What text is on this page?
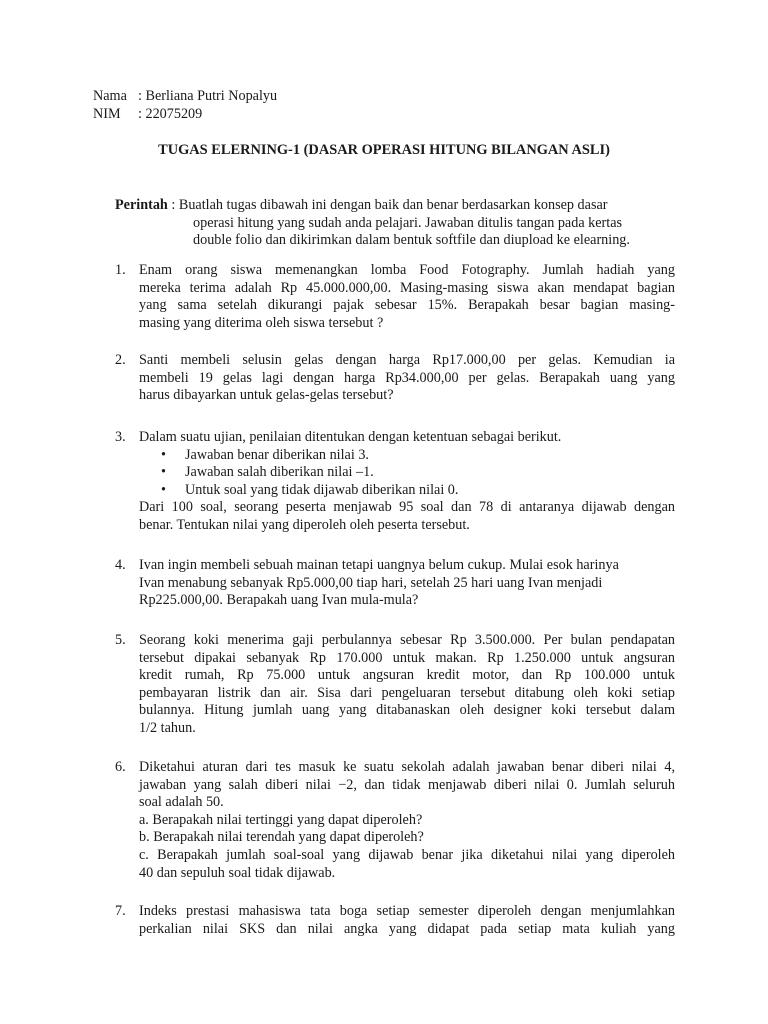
Nama : Berliana Putri Nopalyu
NIM	: 22075209
TUGAS ELERNING-1 (DASAR OPERASI HITUNG BILANGAN ASLI)
Perintah : Buatlah tugas dibawah ini dengan baik dan benar berdasarkan konsep dasar
operasi hitung yang sudah anda pelajari. Jawaban ditulis tangan pada kertas
double folio dan dikirimkan dalam bentuk softfile dan diupload ke elearning.
1. Enam orang siswa memenangkan lomba Food Fotography. Jumlah hadiah yang
mereka terima adalah Rp 45.000.000,00. Masing-masing siswa akan mendapat bagian
yang sama setelah dikurangi pajak sebesar 15%. Berapakah besar bagian masing-
masing yang diterima oleh siswa tersebut ?
2. Santi membeli selusin gelas dengan harga Rp17.000,00 per gelas. Kemudian ia
membeli 19 gelas lagi dengan harga Rp34.000,00 per gelas. Berapakah uang yang
harus dibayarkan untuk gelas-gelas tersebut?
3. Dalam suatu ujian, penilaian ditentukan dengan ketentuan sebagai berikut.
• Jawaban benar diberikan nilai 3.
• Jawaban salah diberikan nilai –1.
• Untuk soal yang tidak dijawab diberikan nilai 0.
Dari 100 soal, seorang peserta menjawab 95 soal dan 78 di antaranya dijawab dengan
benar. Tentukan nilai yang diperoleh oleh peserta tersebut.
4. Ivan ingin membeli sebuah mainan tetapi uangnya belum cukup. Mulai esok harinya
Ivan menabung sebanyak Rp5.000,00 tiap hari, setelah 25 hari uang Ivan menjadi
Rp225.000,00. Berapakah uang Ivan mula-mula?
5. Seorang koki menerima gaji perbulannya sebesar Rp 3.500.000. Per bulan pendapatan
tersebut dipakai sebanyak Rp 170.000 untuk makan. Rp 1.250.000 untuk angsuran
kredit rumah, Rp 75.000 untuk angsuran kredit motor, dan Rp 100.000 untuk
pembayaran listrik dan air. Sisa dari pengeluaran tersebut ditabung oleh koki setiap
bulannya. Hitung jumlah uang yang ditabanaskan oleh designer koki tersebut dalam
1/2 tahun.
6. Diketahui aturan dari tes masuk ke suatu sekolah adalah jawaban benar diberi nilai 4,
jawaban yang salah diberi nilai −2, dan tidak menjawab diberi nilai 0. Jumlah seluruh
soal adalah 50.
a. Berapakah nilai tertinggi yang dapat diperoleh?
b. Berapakah nilai terendah yang dapat diperoleh?
c. Berapakah jumlah soal-soal yang dijawab benar jika diketahui nilai yang diperoleh
40 dan sepuluh soal tidak dijawab.
7. Indeks prestasi mahasiswa tata boga setiap semester diperoleh dengan menjumlahkan
perkalian nilai SKS dan nilai angka yang didapat pada setiap mata kuliah yang
